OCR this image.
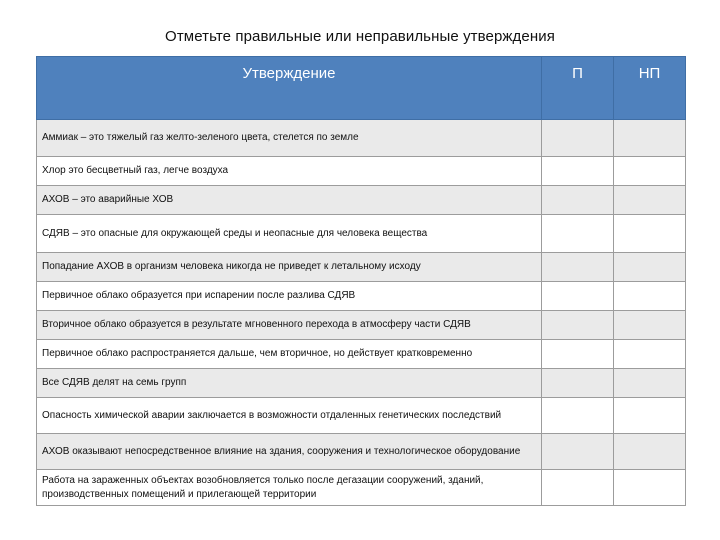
Отметьте правильные или неправильные утверждения
Утверждение	П	НП
Аммиак – это тяжелый газ желто-зеленого цвета, стелется по земле		
Хлор это бесцветный газ, легче воздуха		
АХОВ – это аварийные ХОВ		
СДЯВ – это опасные для окружающей среды и неопасные для человека вещества		
Попадание АХОВ в организм человека никогда не приведет к летальному исходу		
Первичное облако образуется при испарении после разлива СДЯВ		
Вторичное облако образуется в результате мгновенного перехода в атмосферу части СДЯВ		
Первичное облако распространяется дальше, чем вторичное, но действует кратковременно		
Все СДЯВ делят на семь групп		
Опасность химической аварии заключается в возможности отдаленных генетических последствий		
АХОВ оказывают непосредственное влияние на здания, сооружения и технологическое оборудование		
Работа на зараженных объектах возобновляется только после дегазации сооружений, зданий, производственных помещений и прилегающей территории		
